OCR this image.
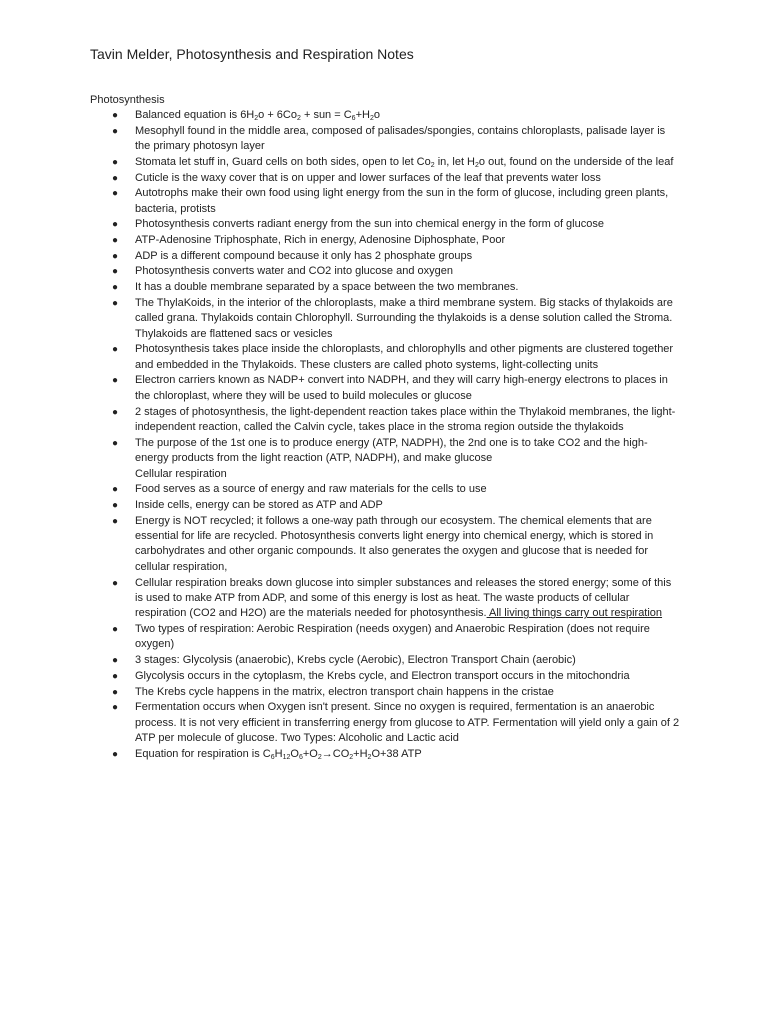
Tavin Melder, Photosynthesis and Respiration Notes
Photosynthesis
● Balanced equation is $6H_2o + 6Co_2$ + sun = $C_6+H_2o$
● Mesophyll found in the middle area, composed of palisades/spongies, contains chloroplasts, palisade layer is the primary photosyn layer
● Stomata let stuff in, Guard cells on both sides, open to let $Co_2$ in, let $H_2o$ out, found on the underside of the leaf
● Cuticle is the waxy cover that is on upper and lower surfaces of the leaf that prevents water loss
● Autotrophs make their own food using light energy from the sun in the form of glucose, including green plants, bacteria, protists
● Photosynthesis converts radiant energy from the sun into chemical energy in the form of glucose
● ATP-Adenosine Triphosphate, Rich in energy, Adenosine Diphosphate, Poor
● ADP is a different compound because it only has 2 phosphate groups
● Photosynthesis converts water and CO2 into glucose and oxygen
● It has a double membrane separated by a space between the two membranes.
● The ThylaKoids, in the interior of the chloroplasts, make a third membrane system. Big stacks of thylakoids are called grana. Thylakoids contain Chlorophyll. Surrounding the thylakoids is a dense solution called the Stroma. Thylakoids are flattened sacs or vesicles
● Photosynthesis takes place inside the chloroplasts, and chlorophylls and other pigments are clustered together and embedded in the Thylakoids. These clusters are called photo systems, light-collecting units
● Electron carriers known as NADP+ convert into NADPH, and they will carry high-energy electrons to places in the chloroplast, where they will be used to build molecules or glucose
● 2 stages of photosynthesis, the light-dependent reaction takes place within the Thylakoid membranes, the light-independent reaction, called the Calvin cycle, takes place in the stroma region outside the thylakoids
● The purpose of the 1st one is to produce energy (ATP, NADPH), the 2nd one is to take CO2 and the high-energy products from the light reaction (ATP, NADPH), and make glucose
Cellular respiration
● Food serves as a source of energy and raw materials for the cells to use
● Inside cells, energy can be stored as ATP and ADP
● Energy is NOT recycled; it follows a one-way path through our ecosystem. The chemical elements that are essential for life are recycled. Photosynthesis converts light energy into chemical energy, which is stored in carbohydrates and other organic compounds. It also generates the oxygen and glucose that is needed for cellular respiration,
● Cellular respiration breaks down glucose into simpler substances and releases the stored energy; some of this is used to make ATP from ADP, and some of this energy is lost as heat. The waste products of cellular respiration (CO2 and H2O) are the materials needed for photosynthesis. All living things carry out respiration
● Two types of respiration: Aerobic Respiration (needs oxygen) and Anaerobic Respiration (does not require oxygen)
● 3 stages: Glycolysis (anaerobic), Krebs cycle (Aerobic), Electron Transport Chain (aerobic)
● Glycolysis occurs in the cytoplasm, the Krebs cycle, and Electron transport occurs in the mitochondria
● The Krebs cycle happens in the matrix, electron transport chain happens in the cristae
● Fermentation occurs when Oxygen isn't present. Since no oxygen is required, fermentation is an anaerobic process. It is not very efficient in transferring energy from glucose to ATP. Fermentation will yield only a gain of 2 ATP per molecule of glucose. Two Types: Alcoholic and Lactic acid
● Equation for respiration is $C_6H_{12}O_6+O_2\to CO_2+H_2O+38$ ATP
